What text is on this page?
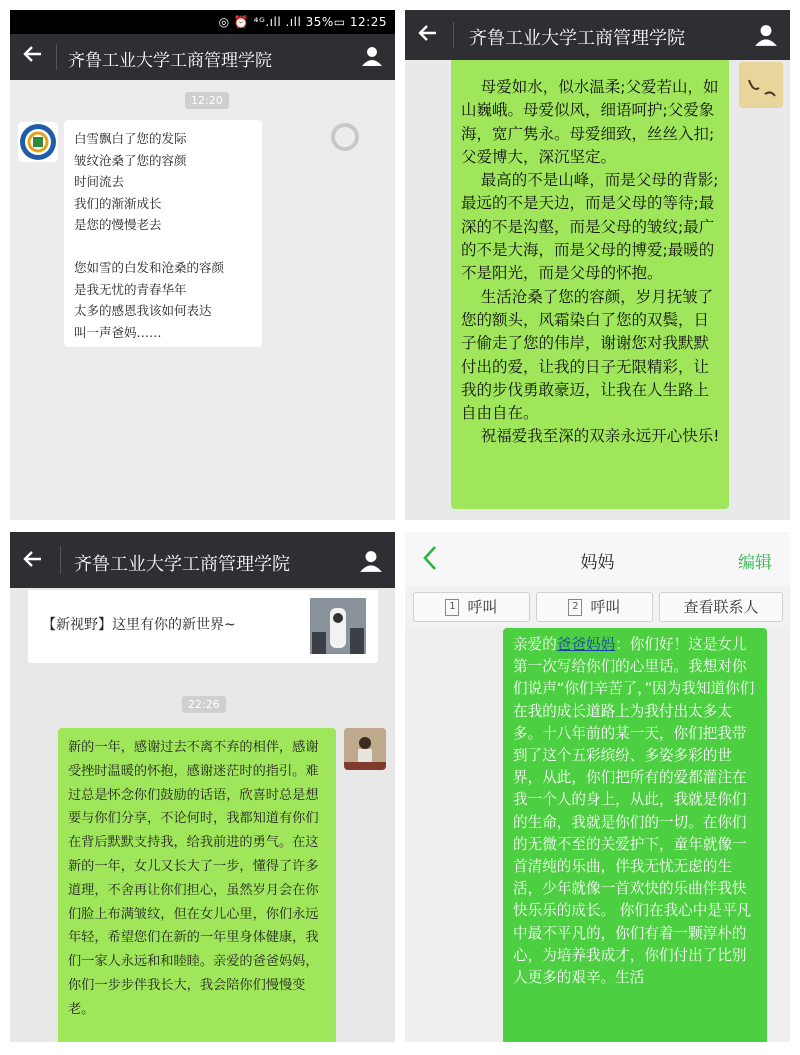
◎ ⏰ ⁴ᴳ.ıll .ıll 35%▭ 12:25
齐鲁工业大学工商管理学院
12:20
白雪飘白了您的发际
皱纹沧桑了您的容颜
时间流去
我们的渐渐成长
是您的慢慢老去

您如雪的白发和沧桑的容颜
是我无忧的青春华年
太多的感恩我该如何表达
叫一声爸妈……
齐鲁工业大学工商管理学院
母爱如水，似水温柔;父爱若山，如山巍峨。母爱似风，细语呵护;父爱象海，宽广隽永。母爱细致，丝丝入扣;父爱博大，深沉坚定。
最高的不是山峰，而是父母的背影;最远的不是天边，而是父母的等待;最深的不是沟壑，而是父母的皱纹;最广的不是大海，而是父母的博爱;最暖的不是阳光，而是父母的怀抱。
生活沧桑了您的容颜，岁月抚皱了您的额头，风霜染白了您的双鬓，日子偷走了您的伟岸，谢谢您对我默默付出的爱，让我的日子无限精彩，让我的步伐勇敢豪迈，让我在人生路上自由自在。
祝福爱我至深的双亲永远开心快乐!
齐鲁工业大学工商管理学院
【新视野】这里有你的新世界~
22:26
新的一年，感谢过去不离不弃的相伴，感谢受挫时温暖的怀抱，感谢迷茫时的指引。难过总是怀念你们鼓励的话语，欣喜时总是想要与你们分享，不论何时，我都知道有你们在背后默默支持我，给我前进的勇气。在这新的一年，女儿又长大了一步，懂得了许多道理，不舍再让你们担心，虽然岁月会在你们脸上布满皱纹，但在女儿心里，你们永远年轻，希望您们在新的一年里身体健康，我们一家人永远和和睦睦。亲爱的爸爸妈妈，你们一步步伴我长大，我会陪你们慢慢变老。
妈妈	编辑
1 呼叫	2 呼叫	查看联系人
亲爱的爸爸妈妈：你们好！这是女儿第一次写给你们的心里话。我想对你们说声“你们辛苦了，”因为我知道你们在我的成长道路上为我付出太多太多。十八年前的某一天，你们把我带到了这个五彩缤纷、多姿多彩的世界，从此，你们把所有的爱都灌注在我一个人的身上，从此，我就是你们的生命，我就是你们的一切。在你们的无微不至的关爱护下，童年就像一首清纯的乐曲，伴我无忧无虑的生活，少年就像一首欢快的乐曲伴我快快乐乐的成长。 你们在我心中是平凡中最不平凡的，你们有着一颗淳朴的心，为培养我成才，你们付出了比别人更多的艰辛。生活
